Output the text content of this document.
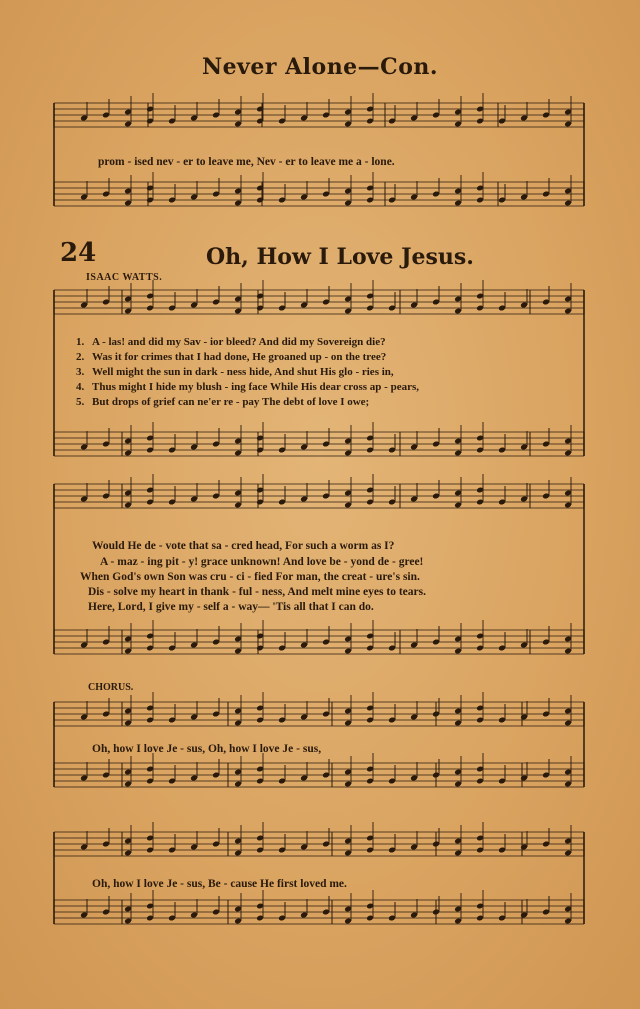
Never Alone—Con.
prom - ised nev - er to leave me, Nev - er to leave me a - lone.
24	Oh, How I Love Jesus.
ISAAC WATTS.
1. A - las! and did my Sav - ior bleed? And did my Sovereign die?
2. Was it for crimes that I had done, He groaned up - on the tree?
3. Well might the sun in dark - ness hide, And shut His glo - ries in,
4. Thus might I hide my blush - ing face While His dear cross ap - pears,
5. But drops of grief can ne'er re - pay The debt of love I owe;
Would He de - vote that sa - cred head, For such a worm as I?
A - maz - ing pit - y! grace unknown! And love be - yond de - gree!
When God's own Son was cru - ci - fied For man, the creat - ure's sin.
Dis - solve my heart in thank - ful - ness, And melt mine eyes to tears.
Here, Lord, I give my - self a - way— 'Tis all that I can do.
CHORUS.
Oh, how I love Je - sus, Oh, how I love Je - sus,
Oh, how I love Je - sus, Be - cause He first loved me.
